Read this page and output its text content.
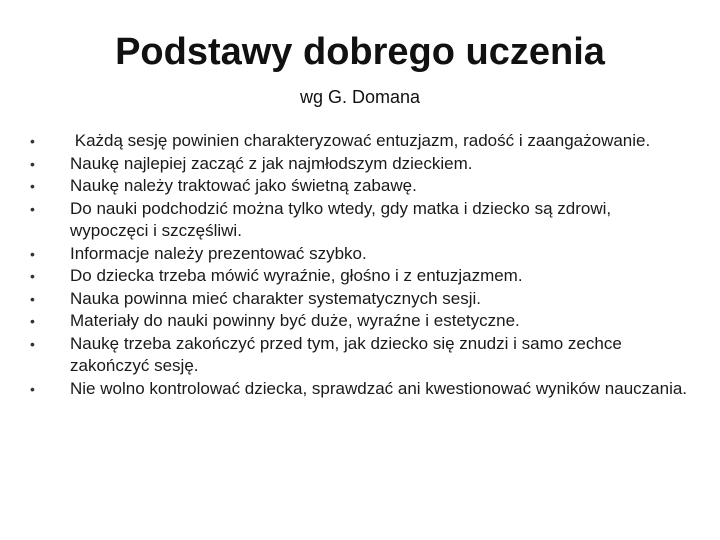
Podstawy dobrego uczenia
wg G. Domana
• Każdą sesję powinien charakteryzować entuzjazm, radość i zaangażowanie.
• Naukę najlepiej zacząć z jak najmłodszym dzieckiem.
• Naukę należy traktować jako świetną zabawę.
• Do nauki podchodzić można tylko wtedy, gdy matka i dziecko są zdrowi, wypoczęci i szczęśliwi.
• Informacje należy prezentować szybko.
• Do dziecka trzeba mówić wyraźnie, głośno i z entuzjazmem.
• Nauka powinna mieć charakter systematycznych sesji.
• Materiały do nauki powinny być duże, wyraźne i estetyczne.
• Naukę trzeba zakończyć przed tym, jak dziecko się znudzi i samo zechce zakończyć sesję.
• Nie wolno kontrolować dziecka, sprawdzać ani kwestionować wyników nauczania.
